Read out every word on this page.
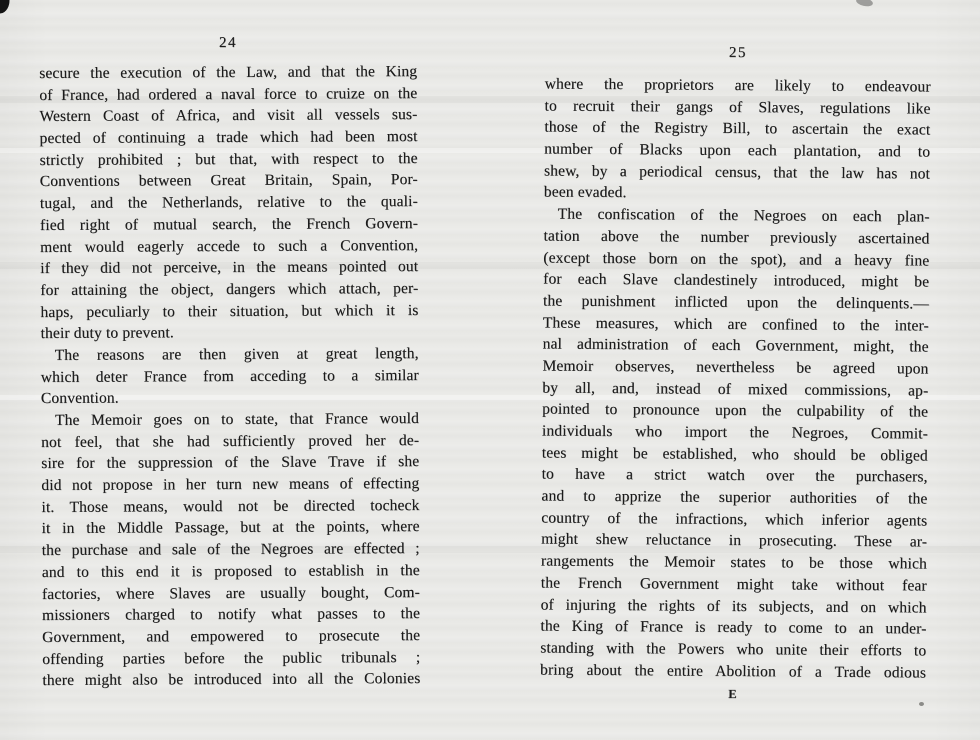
24
secure the execution of the Law, and that the King
of France, had ordered a naval force to cruize on the
Western Coast of Africa, and visit all vessels sus-
pected of continuing a trade which had been most
strictly prohibited ; but that, with respect to the
Conventions between Great Britain, Spain, Por-
tugal, and the Netherlands, relative to the quali-
fied right of mutual search, the French Govern-
ment would eagerly accede to such a Convention,
if they did not perceive, in the means pointed out
for attaining the object, dangers which attach, per-
haps, peculiarly to their situation, but which it is
their duty to prevent.
The reasons are then given at great length,
which deter France from acceding to a similar
Convention.
The Memoir goes on to state, that France would
not feel, that she had sufficiently proved her de-
sire for the suppression of the Slave Trave if she
did not propose in her turn new means of effecting
it. Those means, would not be directed tocheck
it in the Middle Passage, but at the points, where
the purchase and sale of the Negroes are effected ;
and to this end it is proposed to establish in the
factories, where Slaves are usually bought, Com-
missioners charged to notify what passes to the
Government, and empowered to prosecute the
offending parties before the public tribunals ;
there might also be introduced into all the Colonies
25
where the proprietors are likely to endeavour
to recruit their gangs of Slaves, regulations like
those of the Registry Bill, to ascertain the exact
number of Blacks upon each plantation, and to
shew, by a periodical census, that the law has not
been evaded.
The confiscation of the Negroes on each plan-
tation above the number previously ascertained
(except those born on the spot), and a heavy fine
for each Slave clandestinely introduced, might be
the punishment inflicted upon the delinquents.—
These measures, which are confined to the inter-
nal administration of each Government, might, the
Memoir observes, nevertheless be agreed upon
by all, and, instead of mixed commissions, ap-
pointed to pronounce upon the culpability of the
individuals who import the Negroes, Commit-
tees might be established, who should be obliged
to have a strict watch over the purchasers,
and to apprize the superior authorities of the
country of the infractions, which inferior agents
might shew reluctance in prosecuting. These ar-
rangements the Memoir states to be those which
the French Government might take without fear
of injuring the rights of its subjects, and on which
the King of France is ready to come to an under-
standing with the Powers who unite their efforts to
bring about the entire Abolition of a Trade odious
E
